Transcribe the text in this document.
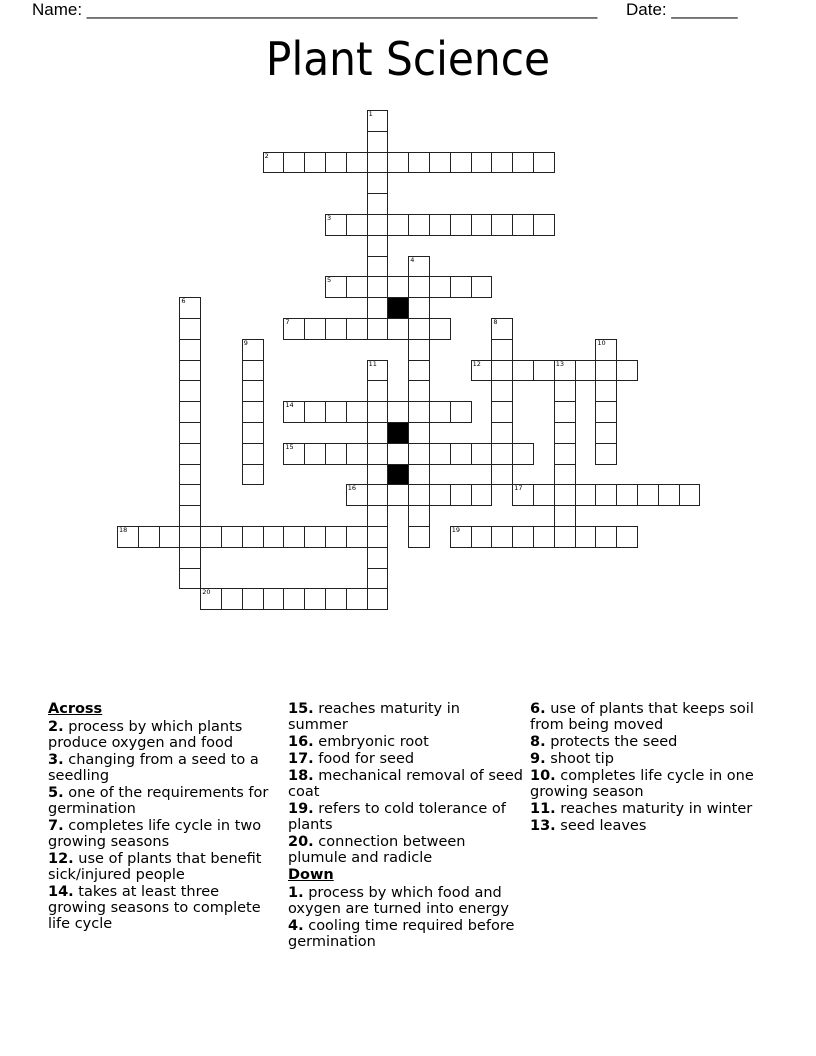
Name: ______________________________________________________ Date: _______
Plant Science
1
2
3
4
5
6
7	8
9	10
11	12	13
14
15
16	17
18	19
20
Across
2. process by which plants produce oxygen and food
3. changing from a seed to a seedling
5. one of the requirements for germination
7. completes life cycle in two growing seasons
12. use of plants that benefit sick/injured people
14. takes at least three growing seasons to complete life cycle
15. reaches maturity in summer
16. embryonic root
17. food for seed
18. mechanical removal of seed coat
19. refers to cold tolerance of plants
20. connection between plumule and radicle
Down
1. process by which food and oxygen are turned into energy
4. cooling time required before germination
6. use of plants that keeps soil from being moved
8. protects the seed
9. shoot tip
10. completes life cycle in one growing season
11. reaches maturity in winter
13. seed leaves
